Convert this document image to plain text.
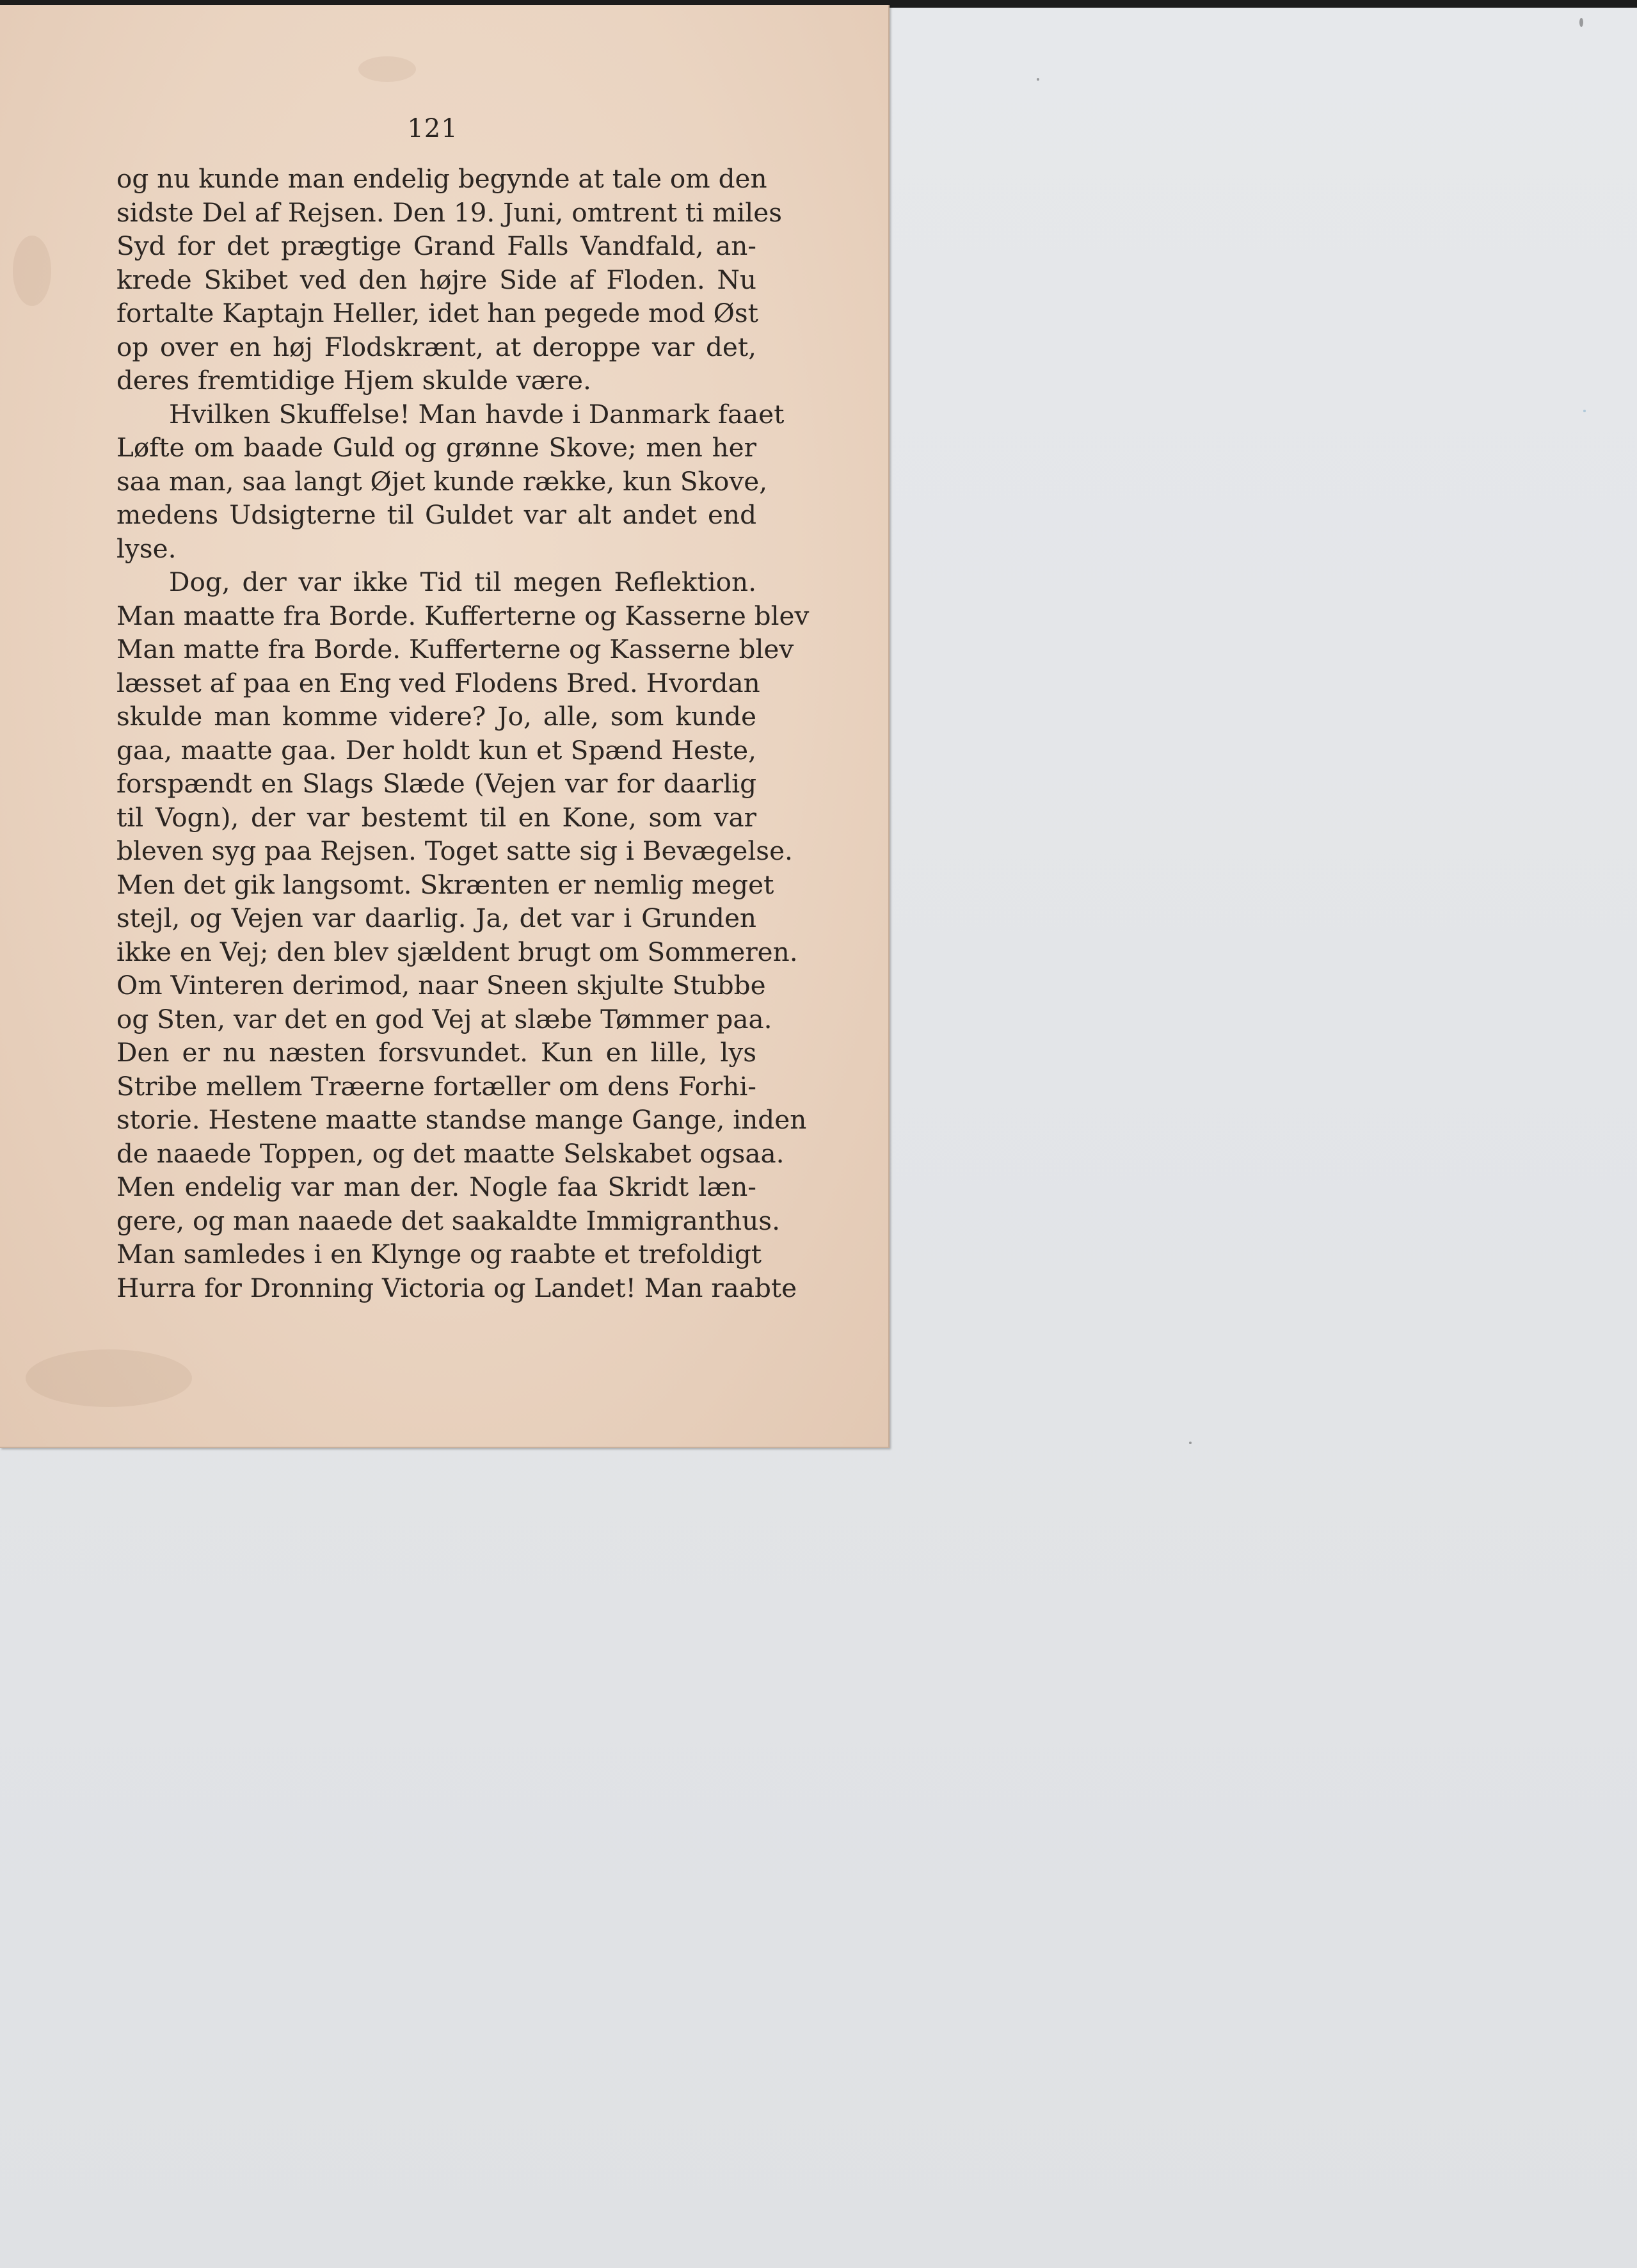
121
og nu kunde man endelig begynde at tale om den
sidste Del af Rejsen. Den 19. Juni, omtrent ti miles
Syd for det prægtige Grand Falls Vandfald, an-
krede Skibet ved den højre Side af Floden. Nu
fortalte Kaptajn Heller, idet han pegede mod Øst
op over en høj Flodskrænt, at deroppe var det,
deres fremtidige Hjem skulde være.
Hvilken Skuffelse! Man havde i Danmark faaet
Løfte om baade Guld og grønne Skove; men her
saa man, saa langt Øjet kunde række, kun Skove,
medens Udsigterne til Guldet var alt andet end
lyse.
Dog, der var ikke Tid til megen Reflektion.
Man maatte fra Borde. Kufferterne og Kasserne blev
Man matte fra Borde. Kufferterne og Kasserne blev
læsset af paa en Eng ved Flodens Bred. Hvordan
skulde man komme videre? Jo, alle, som kunde
gaa, maatte gaa. Der holdt kun et Spænd Heste,
forspændt en Slags Slæde (Vejen var for daarlig
til Vogn), der var bestemt til en Kone, som var
bleven syg paa Rejsen. Toget satte sig i Bevægelse.
Men det gik langsomt. Skrænten er nemlig meget
stejl, og Vejen var daarlig. Ja, det var i Grunden
ikke en Vej; den blev sjældent brugt om Sommeren.
Om Vinteren derimod, naar Sneen skjulte Stubbe
og Sten, var det en god Vej at slæbe Tømmer paa.
Den er nu næsten forsvundet. Kun en lille, lys
Stribe mellem Træerne fortæller om dens Forhi-
storie. Hestene maatte standse mange Gange, inden
de naaede Toppen, og det maatte Selskabet ogsaa.
Men endelig var man der. Nogle faa Skridt læn-
gere, og man naaede det saakaldte Immigranthus.
Man samledes i en Klynge og raabte et trefoldigt
Hurra for Dronning Victoria og Landet! Man raabte
